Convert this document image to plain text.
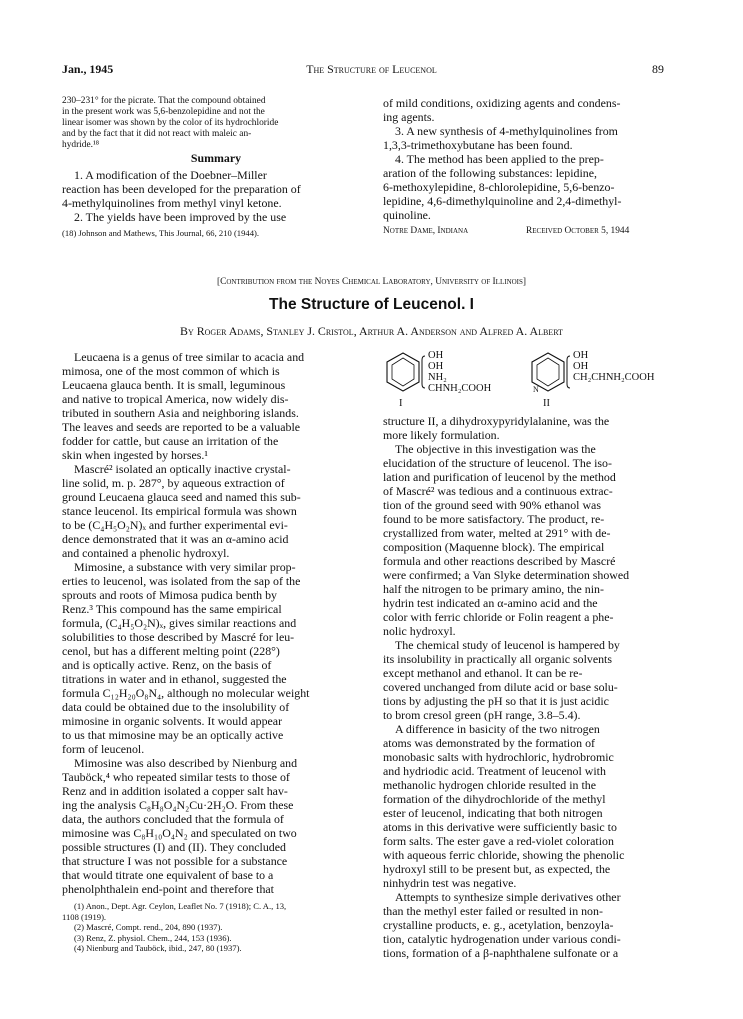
Jan., 1945	The Structure of Leucenol	89
230–231° for the picrate. That the compound obtained
in the present work was 5,6-benzolepidine and not the
linear isomer was shown by the color of its hydrochloride
and by the fact that it did not react with maleic an-
hydride.¹⁸
Summary
1. A modification of the Doebner–Miller
reaction has been developed for the preparation of
4-methylquinolines from methyl vinyl ketone.
2. The yields have been improved by the use
(18) Johnson and Mathews, This Journal, 66, 210 (1944).
of mild conditions, oxidizing agents and condens-
ing agents.
3. A new synthesis of 4-methylquinolines from
1,3,3-trimethoxybutane has been found.
4. The method has been applied to the prep-
aration of the following substances: lepidine,
6-methoxylepidine, 8-chlorolepidine, 5,6-benzo-
lepidine, 4,6-dimethylquinoline and 2,4-dimethyl-
quinoline.
Notre Dame, Indiana	Received October 5, 1944
[Contribution from the Noyes Chemical Laboratory, University of Illinois]
The Structure of Leucenol. I
By Roger Adams, Stanley J. Cristol, Arthur A. Anderson and Alfred A. Albert
Leucaena is a genus of tree similar to acacia and
mimosa, one of the most common of which is
Leucaena glauca benth. It is small, leguminous
and native to tropical America, now widely dis-
tributed in southern Asia and neighboring islands.
The leaves and seeds are reported to be a valuable
fodder for cattle, but cause an irritation of the
skin when ingested by horses.¹
Mascré² isolated an optically inactive crystal-
line solid, m. p. 287°, by aqueous extraction of
ground Leucaena glauca seed and named this sub-
stance leucenol. Its empirical formula was shown
to be (C₄H₅O₂N)ₓ and further experimental evi-
dence demonstrated that it was an α-amino acid
and contained a phenolic hydroxyl.
Mimosine, a substance with very similar prop-
erties to leucenol, was isolated from the sap of the
sprouts and roots of Mimosa pudica benth by
Renz.³ This compound has the same empirical
formula, (C₄H₅O₂N)ₓ, gives similar reactions and
solubilities to those described by Mascré for leu-
cenol, but has a different melting point (228°)
and is optically active. Renz, on the basis of
titrations in water and in ethanol, suggested the
formula C₁₂H₂₀O₈N₄, although no molecular weight
data could be obtained due to the insolubility of
mimosine in organic solvents. It would appear
to us that mimosine may be an optically active
form of leucenol.
Mimosine was also described by Nienburg and
Tauböck,⁴ who repeated similar tests to those of
Renz and in addition isolated a copper salt hav-
ing the analysis C₈H₈O₄N₂Cu·2H₂O. From these
data, the authors concluded that the formula of
mimosine was C₈H₁₀O₄N₂ and speculated on two
possible structures (I) and (II). They concluded
that structure I was not possible for a substance
that would titrate one equivalent of base to a
phenolphthalein end-point and therefore that
(1) Anon., Dept. Agr. Ceylon, Leaflet No. 7 (1918); C. A., 13,
1108 (1919).
(2) Mascré, Compt. rend., 204, 890 (1937).
(3) Renz, Z. physiol. Chem., 244, 153 (1936).
(4) Nienburg and Tauböck, ibid., 247, 80 (1937).
OH
OH
NH₂
CHNH₂COOH
I
N
OH
OH
CH₂CHNH₂COOH
II
structure II, a dihydroxypyridylalanine, was the
more likely formulation.
The objective in this investigation was the
elucidation of the structure of leucenol. The iso-
lation and purification of leucenol by the method
of Mascré² was tedious and a continuous extrac-
tion of the ground seed with 90% ethanol was
found to be more satisfactory. The product, re-
crystallized from water, melted at 291° with de-
composition (Maquenne block). The empirical
formula and other reactions described by Mascré
were confirmed; a Van Slyke determination showed
half the nitrogen to be primary amino, the nin-
hydrin test indicated an α-amino acid and the
color with ferric chloride or Folin reagent a phe-
nolic hydroxyl.
The chemical study of leucenol is hampered by
its insolubility in practically all organic solvents
except methanol and ethanol. It can be re-
covered unchanged from dilute acid or base solu-
tions by adjusting the pH so that it is just acidic
to brom cresol green (pH range, 3.8–5.4).
A difference in basicity of the two nitrogen
atoms was demonstrated by the formation of
monobasic salts with hydrochloric, hydrobromic
and hydriodic acid. Treatment of leucenol with
methanolic hydrogen chloride resulted in the
formation of the dihydrochloride of the methyl
ester of leucenol, indicating that both nitrogen
atoms in this derivative were sufficiently basic to
form salts. The ester gave a red-violet coloration
with aqueous ferric chloride, showing the phenolic
hydroxyl still to be present but, as expected, the
ninhydrin test was negative.
Attempts to synthesize simple derivatives other
than the methyl ester failed or resulted in non-
crystalline products, e. g., acetylation, benzoyla-
tion, catalytic hydrogenation under various condi-
tions, formation of a β-naphthalene sulfonate or a
